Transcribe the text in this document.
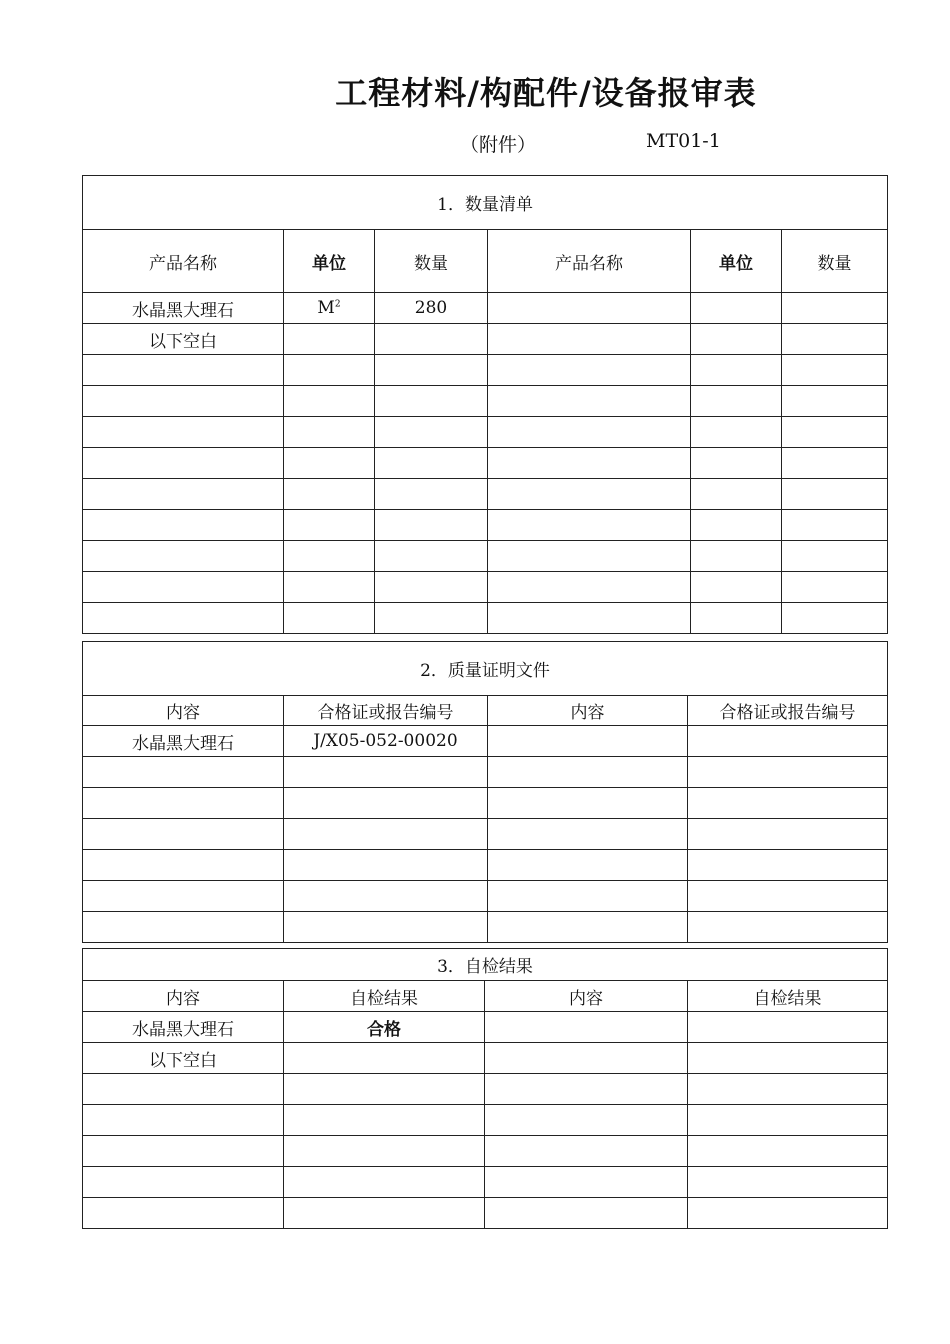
工程材料/构配件/设备报审表
（附件）	MT01-1
1．数量清单					
产品名称	单位	数量	产品名称	单位	数量
水晶黑大理石	$M^2$	280			
以下空白					

2．质量证明文件			
内容	合格证或报告编号	内容	合格证或报告编号
水晶黑大理石	J/X05-052-00020		

3．自检结果			
内容	自检结果	内容	自检结果
水晶黑大理石	合格		
以下空白			
